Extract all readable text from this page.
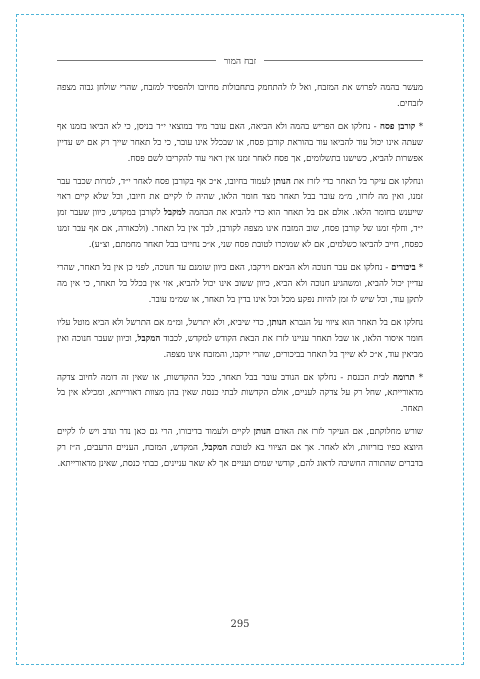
זבח המור

מעשר בהמה לפרוש את המזבח, ואל לו להתחמק בתחבולות מחיובו ולהפסיד למזבח, שהרי שולחן גבוה מצפה לזבחים.

* קורבן פסח - נחלקו אם הפריש בהמה ולא הביאה, האם עובר מיד במוצאי י״ד בניסן, כי לא הביאו בזמנו אף שעתה אינו יכול עוד להביאו עוד בהוראת קורבן פסח, או שבכלל אינו עובר, כי כל תאחר שייך רק אם יש עדיין אפשרות להביא, כשישנו בתשלומים, אך פסח לאחר זמנו אין ראוי עוד להקריבו לשם פסח.

ונחלקו אם עיקר בל תאחר כדי לזרז את הנותן לעמוד בחיובו, א״כ אף בקורבן פסח לאחר י״ד, למרות שכבר עבר זמנו, ואין מה לזרזו, מ״מ עובר בבל תאחר מצד חומר הלאו, שהיה לו לקיים את חיובו, וכל שלא קיים ראוי שייענש בחומר הלאו. אולם אם בל תאחר הוא כדי להביא את הבהמה למקבל לקורבן במקדש, כיוון שעבר זמן י״ד, וחלף זמנו של קורבן פסח, שוב המזבח אינו מצפה לקורבן, לכך אין בל תאחר. (ולכאורה, אם אף עבר זמנו כפסח, חייב להביאו כשלמים, אם לא שמוכרו לטובת פסח שני, א״כ נחייבו בבל תאחר מחמתם, וצ״ע).

* ביכורים - נחלקו אם עבר חנוכה ולא הביאם וירקבו, האם כיוון שזמנם עד חנוכה, לפני כן אין בל תאחר, שהרי עדיין יכול להביא, ומשהגיע חנוכה ולא הביא, כיוון ששוב אינו יכול להביא, אזי אין בכלל בל תאחר, כי אין מה לתקן עוד, וכל שיש לו זמן להיות נפקע מכל וכל אינו בדין בל תאחר, או שמ״מ עובר.

נחלקו אם בל תאחר הוא ציווי על הגברא הנותן, כדי שיביא, ולא יתרשל, ומ״מ אם התרשל ולא הביא מוטל עליו חומר איסור הלאו, או שבל תאחר עניינו לזרז את הבאת הקודש למקדש, לכבוד המקבל, וכיוון שעבר חנוכה ואין מביאין עוד, א״כ לא שייך בל תאחר בביכורים, שהרי ירקבו, והמזבח אינו מצפה.

* תרומה לבית הכנסת - נחלקו אם הנודב עובר בבל תאחר, ככל ההקדשות, או שאין זה דומה לחיוב צדקה מדאורייתא, שחל רק על צדקה לעניים, אולם הקדשות לבתי כנסת שאין בהן מצוות דאורייתא, ומכילא אין בל תאחר.

שורש מחלוקתם, אם העיקר לזרז את האדם הנותן לקיים ולעמוד בדיבורו, הרי גם כאן נדר ונדב ויש לו לקיים היוצא כפיו בזריזות, ולא לאחר. אך אם הציווי בא לטובת המקבל, המקדש, המזבח, העניים הרעבים, ה״ז רק בדברים שהתורה החשיבה לדאוג להם, קודשי שמים ועניים אך לא שאר עניינים, כבתי כנסת, שאינן מדאורייתא.

295
